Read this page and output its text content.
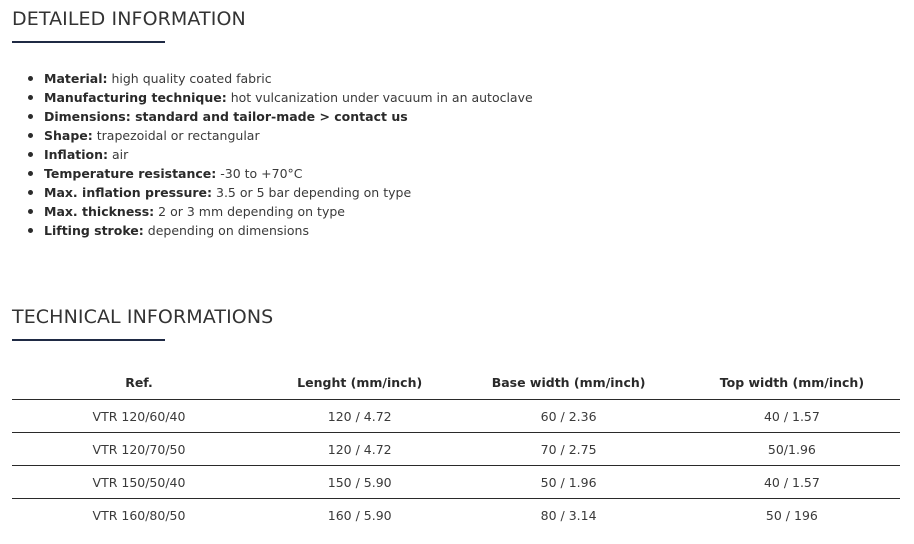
DETAILED INFORMATION
Material: high quality coated fabric
Manufacturing technique: hot vulcanization under vacuum in an autoclave
Dimensions: standard and tailor-made > contact us
Shape: trapezoidal or rectangular
Inflation: air
Temperature resistance: -30 to +70°C
Max. inflation pressure: 3.5 or 5 bar depending on type
Max. thickness: 2 or 3 mm depending on type
Lifting stroke: depending on dimensions
TECHNICAL INFORMATIONS
Ref.		Lenght (mm/inch)	Base width (mm/inch)	Top width (mm/inch)
VTR 120/60/40		120 / 4.72	60 / 2.36	40 / 1.57
VTR 120/70/50		120 / 4.72	70 / 2.75	50/1.96
VTR 150/50/40		150 / 5.90	50 / 1.96	40 / 1.57
VTR 160/80/50		160 / 5.90	80 / 3.14	50 / 196
